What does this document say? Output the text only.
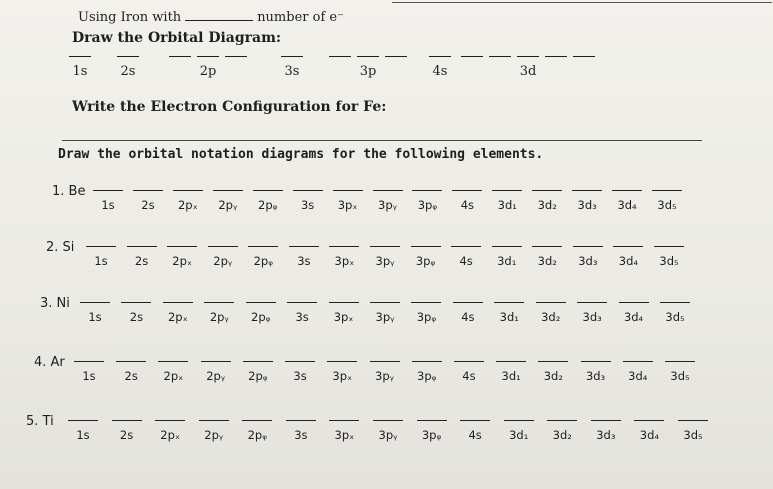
Using Iron with	number of e⁻
Draw the Orbital Diagram:
1s	2s	2p	3s	3p	4s	3d
Write the Electron Configuration for Fe:
Draw the orbital notation diagrams for the following elements.
1. Be
1s 2s 2pₓ 2pᵧ 2pᵩ 3s 3pₓ 3pᵧ 3pᵩ 4s 3d₁ 3d₂ 3d₃ 3d₄ 3d₅
2. Si
1s 2s 2pₓ 2pᵧ 2pᵩ 3s 3pₓ 3pᵧ 3pᵩ 4s 3d₁ 3d₂ 3d₃ 3d₄ 3d₅
3. Ni
1s 2s 2pₓ 2pᵧ 2pᵩ 3s 3pₓ 3pᵧ 3pᵩ 4s 3d₁ 3d₂ 3d₃ 3d₄ 3d₅
4. Ar
1s	2s 2pₓ 2pᵧ 2pᵩ 3s 3pₓ 3pᵧ 3pᵩ 4s 3d₁ 3d₂ 3d₃ 3d₄ 3d₅
5. Ti
1s	2s 2pₓ 2pᵧ 2pᵩ 3s 3pₓ 3pᵧ 3pᵩ 4s 3d₁ 3d₂ 3d₃ 3d₄ 3d₅
